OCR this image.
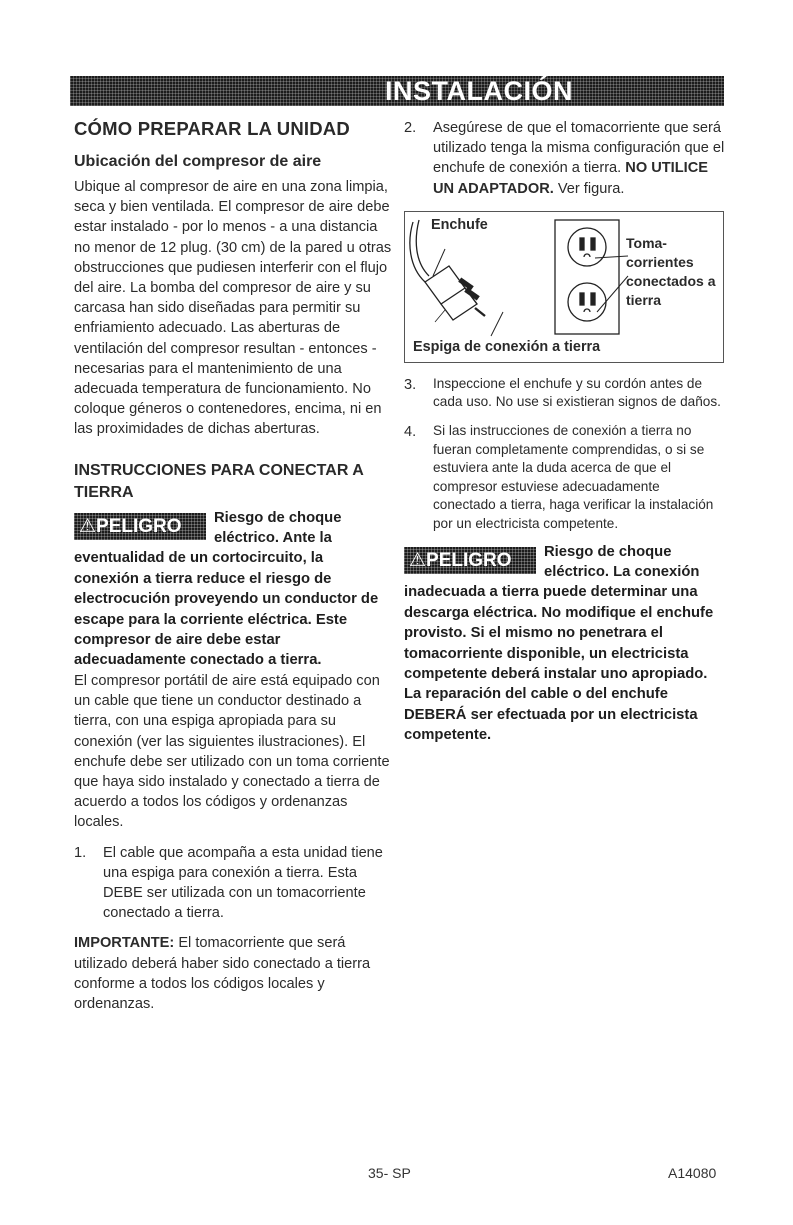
INSTALACIÓN
CÓMO PREPARAR LA UNIDAD
Ubicación del compresor de aire

Ubique al compresor de aire en una zona limpia, seca y bien ventilada. El compresor de aire debe estar instalado - por lo menos - a una distancia no menor de 12 plug. (30 cm) de la pared u otras obstrucciones que pudiesen interferir con el flujo del aire. La bomba del compresor de aire y su carcasa han sido diseñadas para permitir su enfriamiento adecuado. Las aberturas de ventilación del compresor resultan - entonces - necesarias para el mantenimiento de una adecuada temperatura de funcionamiento. No coloque géneros o contenedores, encima, ni en las proximidades de dichas aberturas.

INSTRUCCIONES PARA CONECTAR A TIERRA
⚠PELIGRO	Riesgo de choque eléctrico. Ante la eventualidad de un cortocircuito, la conexión a tierra reduce el riesgo de electrocución proveyendo un conductor de escape para la corriente eléctrica. Este compresor de aire debe estar adecuadamente conectado a tierra.

El compresor portátil de aire está equipado con un cable que tiene un conductor destinado a tierra, con una espiga apropiada para su conexión (ver las siguientes ilustraciones). El enchufe debe ser utilizado con un toma corriente que haya sido instalado y conectado a tierra de acuerdo a todos los códigos y ordenanzas locales.

1.	El cable que acompaña a esta unidad tiene una espiga para conexión a tierra. Esta DEBE ser utilizada con un tomacorriente conectado a tierra.

IMPORTANTE: El tomacorriente que será utilizado deberá haber sido conectado a tierra conforme a todos los códigos locales y ordenanzas.

2.	Asegúrese de que el tomacorriente que será utilizado tenga la misma configuración que el enchufe de conexión a tierra. NO UTILICE UN ADAPTADOR. Ver figura.

Enchufe
Toma-corrientes conectados a tierra
Espiga de conexión a tierra
3.	Inspeccione el enchufe y su cordón antes de cada uso. No use si existieran signos de daños.

4.	Si las instrucciones de conexión a tierra no fueran completamente comprendidas, o si se estuviera ante la duda acerca de que el compresor estuviese adecuadamente conectado a tierra, haga verificar la instalación por un electricista competente.

⚠PELIGRO	Riesgo de choque eléctrico. La conexión inadecuada a tierra puede determinar una descarga eléctrica. No modifique el enchufe provisto. Si el mismo no penetrara el tomacorriente disponible, un electricista competente deberá instalar uno apropiado.
La reparación del cable o del enchufe DEBERÁ ser efectuada por un electricista competente.
35- SP	A14080
